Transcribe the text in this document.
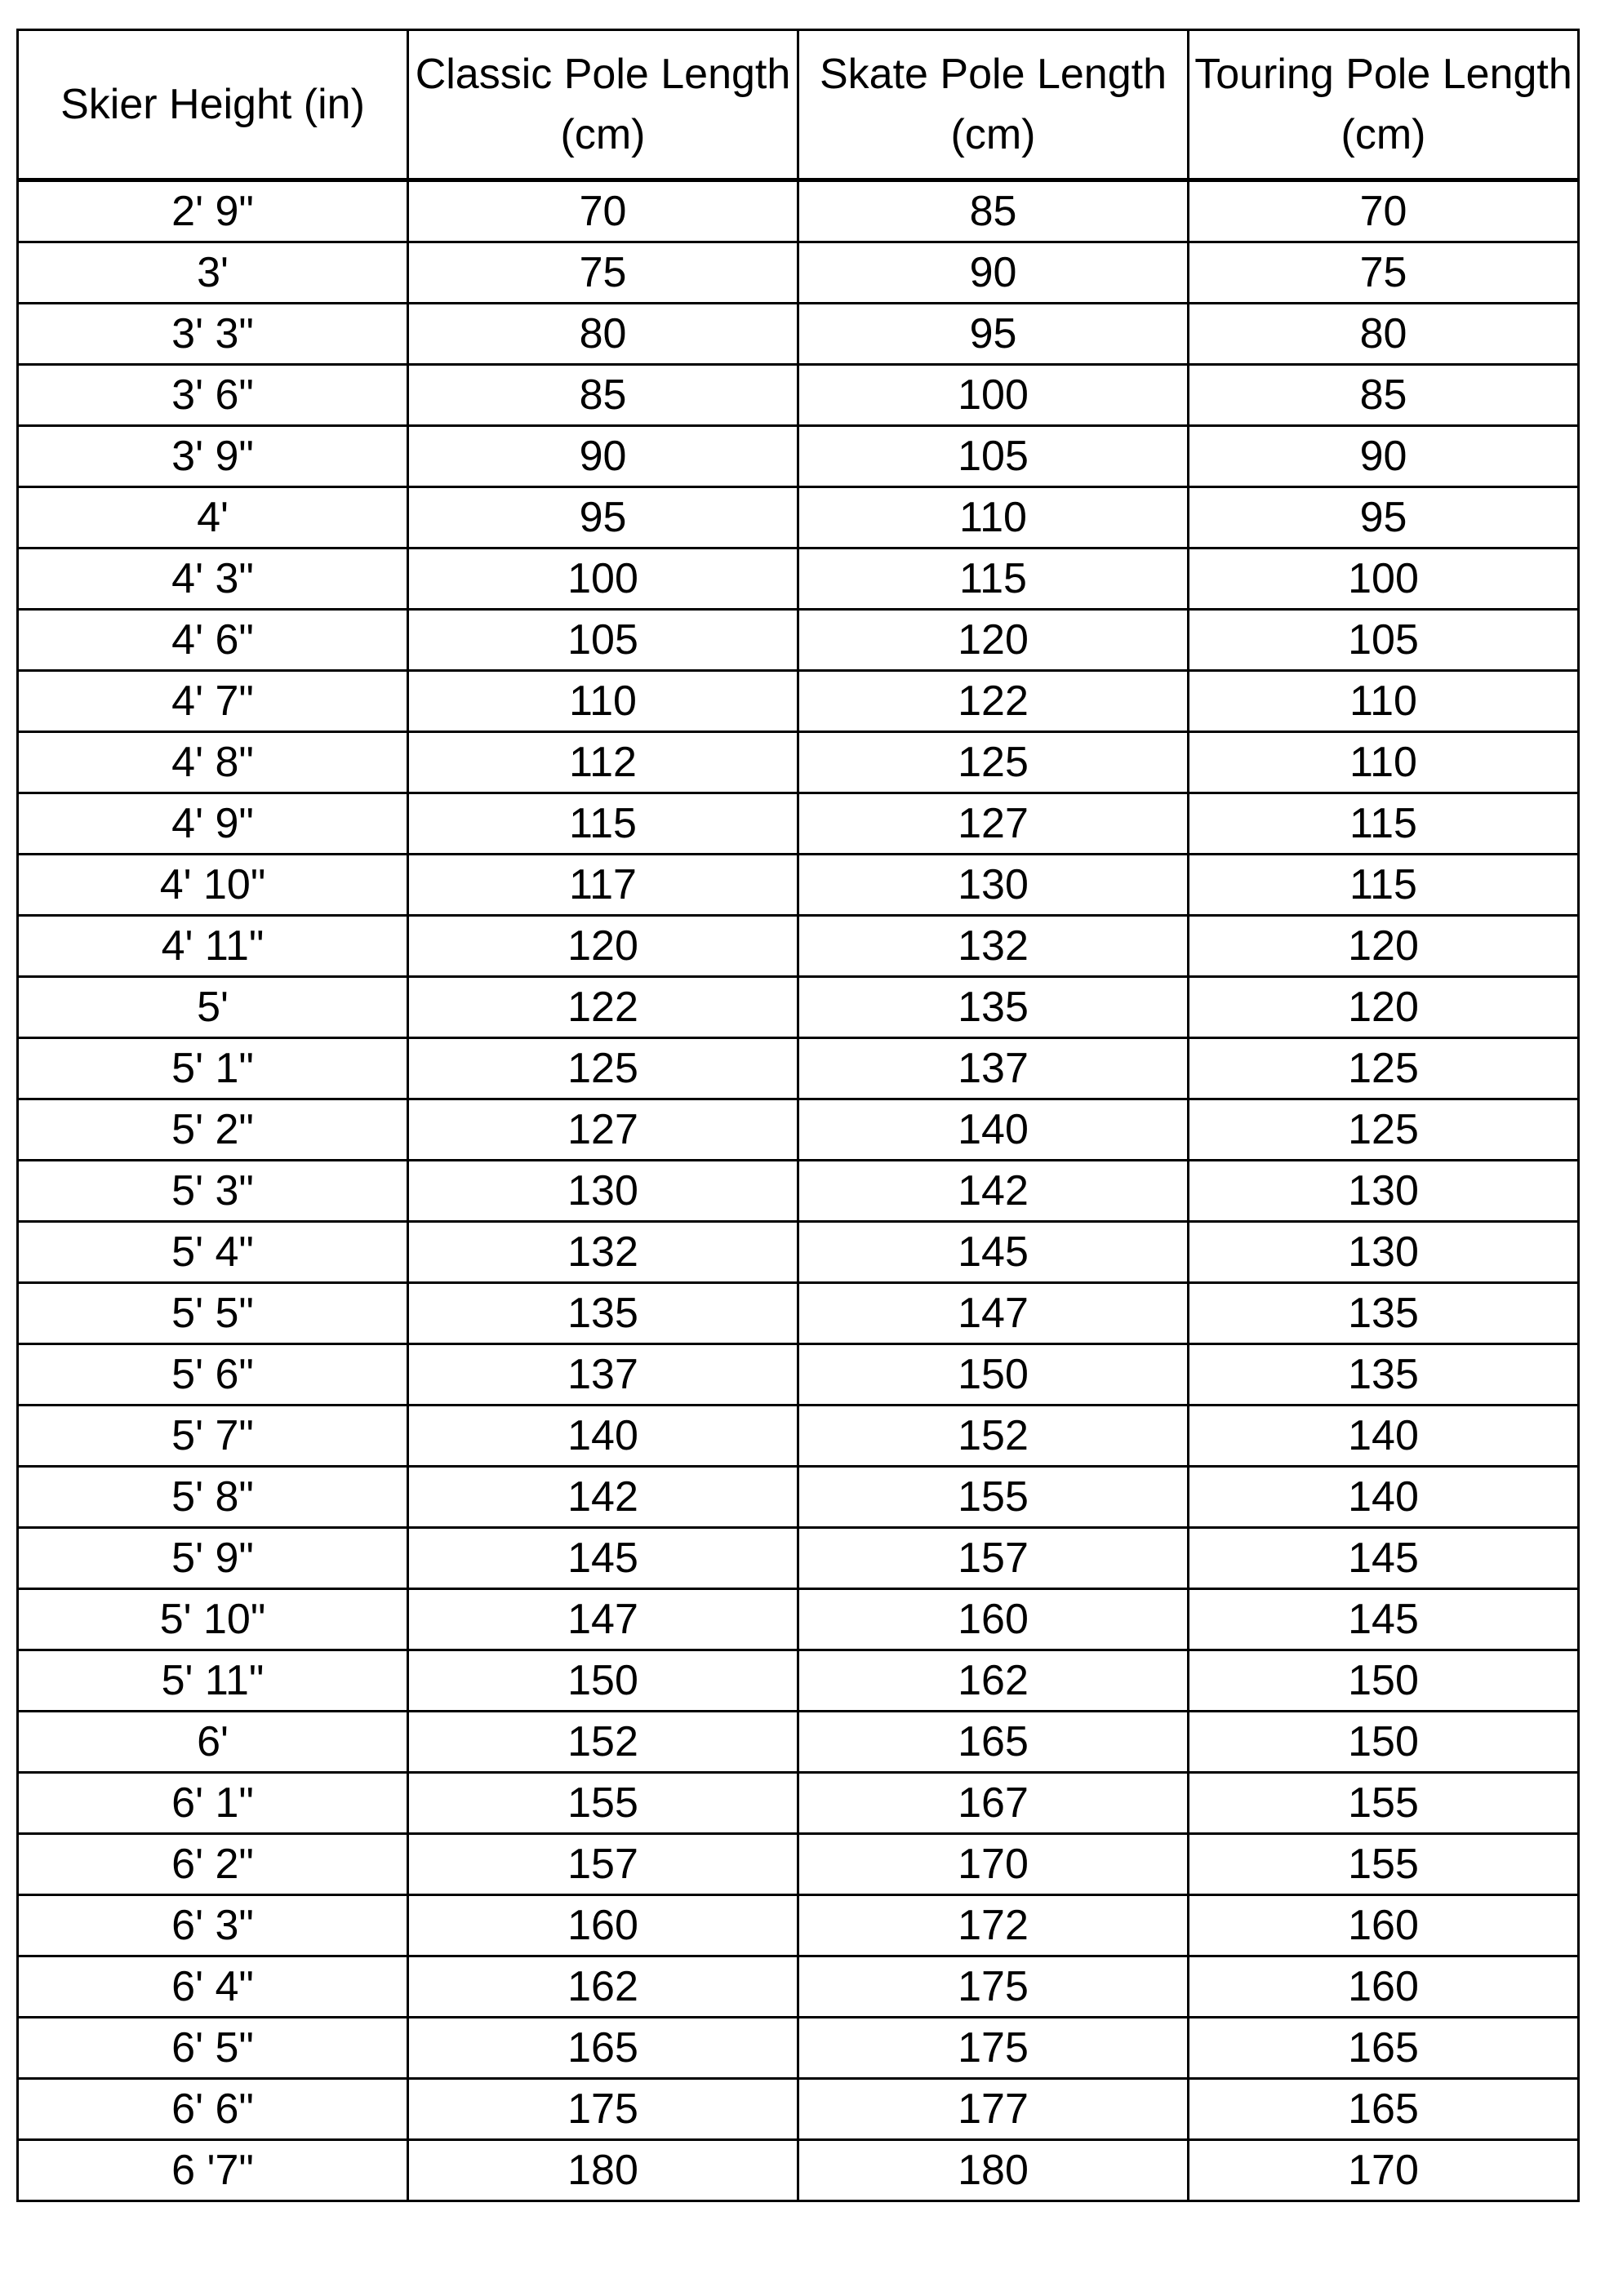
Skier Height (in)	Classic Pole Length (cm)	Skate Pole Length (cm)	Touring Pole Length (cm)
2' 9"	70	85	70
3'	75	90	75
3' 3"	80	95	80
3' 6"	85	100	85
3' 9"	90	105	90
4'	95	110	95
4' 3"	100	115	100
4' 6"	105	120	105
4' 7"	110	122	110
4' 8"	112	125	110
4' 9"	115	127	115
4' 10"	117	130	115
4' 11"	120	132	120
5'	122	135	120
5' 1"	125	137	125
5' 2"	127	140	125
5' 3"	130	142	130
5' 4"	132	145	130
5' 5"	135	147	135
5' 6"	137	150	135
5' 7"	140	152	140
5' 8"	142	155	140
5' 9"	145	157	145
5' 10"	147	160	145
5' 11"	150	162	150
6'	152	165	150
6' 1"	155	167	155
6' 2"	157	170	155
6' 3"	160	172	160
6' 4"	162	175	160
6' 5"	165	175	165
6' 6"	175	177	165
6 '7"	180	180	170
